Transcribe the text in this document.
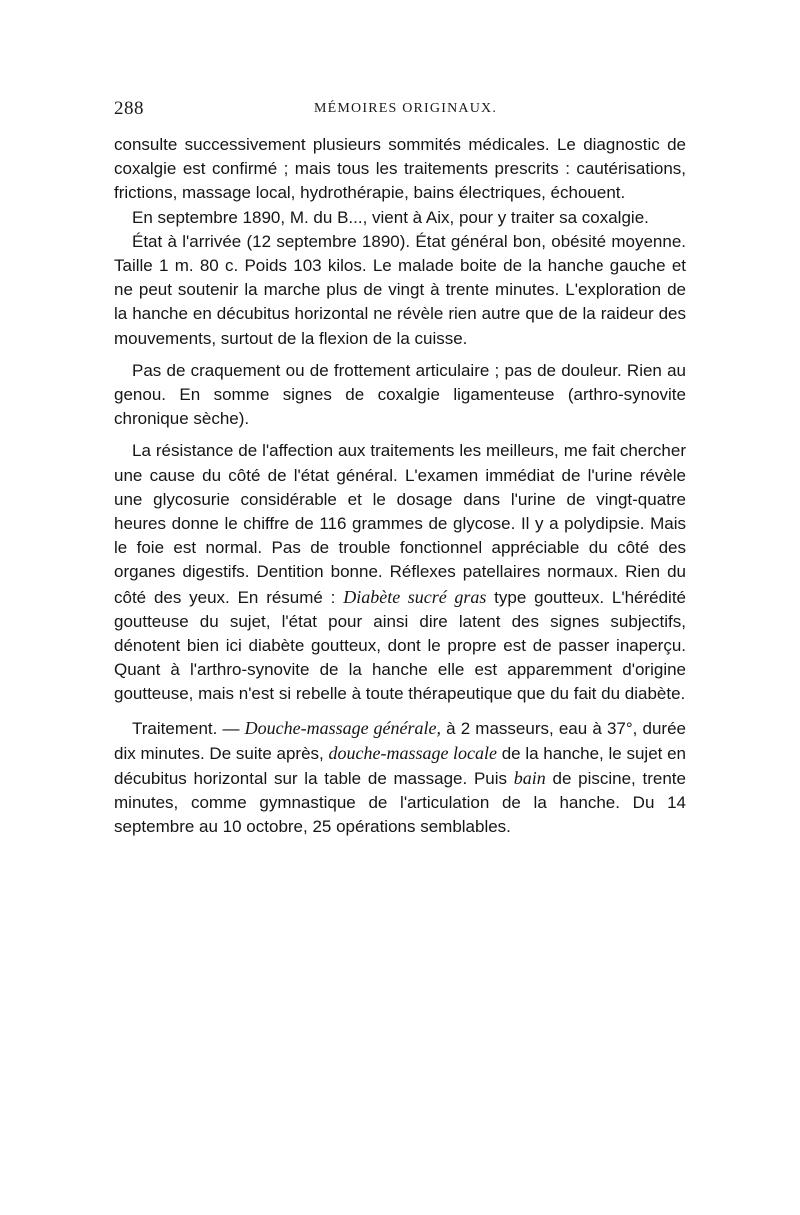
288	MÉMOIRES ORIGINAUX.

consulte successivement plusieurs sommités médicales. Le diagnostic de coxalgie est confirmé ; mais tous les traitements prescrits : cautérisations, frictions, massage local, hydrothérapie, bains électriques, échouent.

En septembre 1890, M. du B..., vient à Aix, pour y traiter sa coxalgie.

État à l'arrivée (12 septembre 1890). État général bon, obésité moyenne. Taille 1 m. 80 c. Poids 103 kilos. Le malade boite de la hanche gauche et ne peut soutenir la marche plus de vingt à trente minutes. L'exploration de la hanche en décubitus horizontal ne révèle rien autre que de la raideur des mouvements, surtout de la flexion de la cuisse.

Pas de craquement ou de frottement articulaire ; pas de douleur. Rien au genou. En somme signes de coxalgie ligamenteuse (arthro-synovite chronique sèche).

La résistance de l'affection aux traitements les meilleurs, me fait chercher une cause du côté de l'état général. L'examen immédiat de l'urine révèle une glycosurie considérable et le dosage dans l'urine de vingt-quatre heures donne le chiffre de 116 grammes de glycose. Il y a polydipsie. Mais le foie est normal. Pas de trouble fonctionnel appréciable du côté des organes digestifs. Dentition bonne. Réflexes patellaires normaux. Rien du côté des yeux. En résumé : Diabète sucré gras type goutteux. L'hérédité goutteuse du sujet, l'état pour ainsi dire latent des signes subjectifs, dénotent bien ici diabète goutteux, dont le propre est de passer inaperçu. Quant à l'arthro-synovite de la hanche elle est apparemment d'origine goutteuse, mais n'est si rebelle à toute thérapeutique que du fait du diabète.

Traitement. — Douche-massage générale, à 2 masseurs, eau à 37°, durée dix minutes. De suite après, douche-massage locale de la hanche, le sujet en décubitus horizontal sur la table de massage. Puis bain de piscine, trente minutes, comme gymnastique de l'articulation de la hanche. Du 14 septembre au 10 octobre, 25 opérations semblables.
